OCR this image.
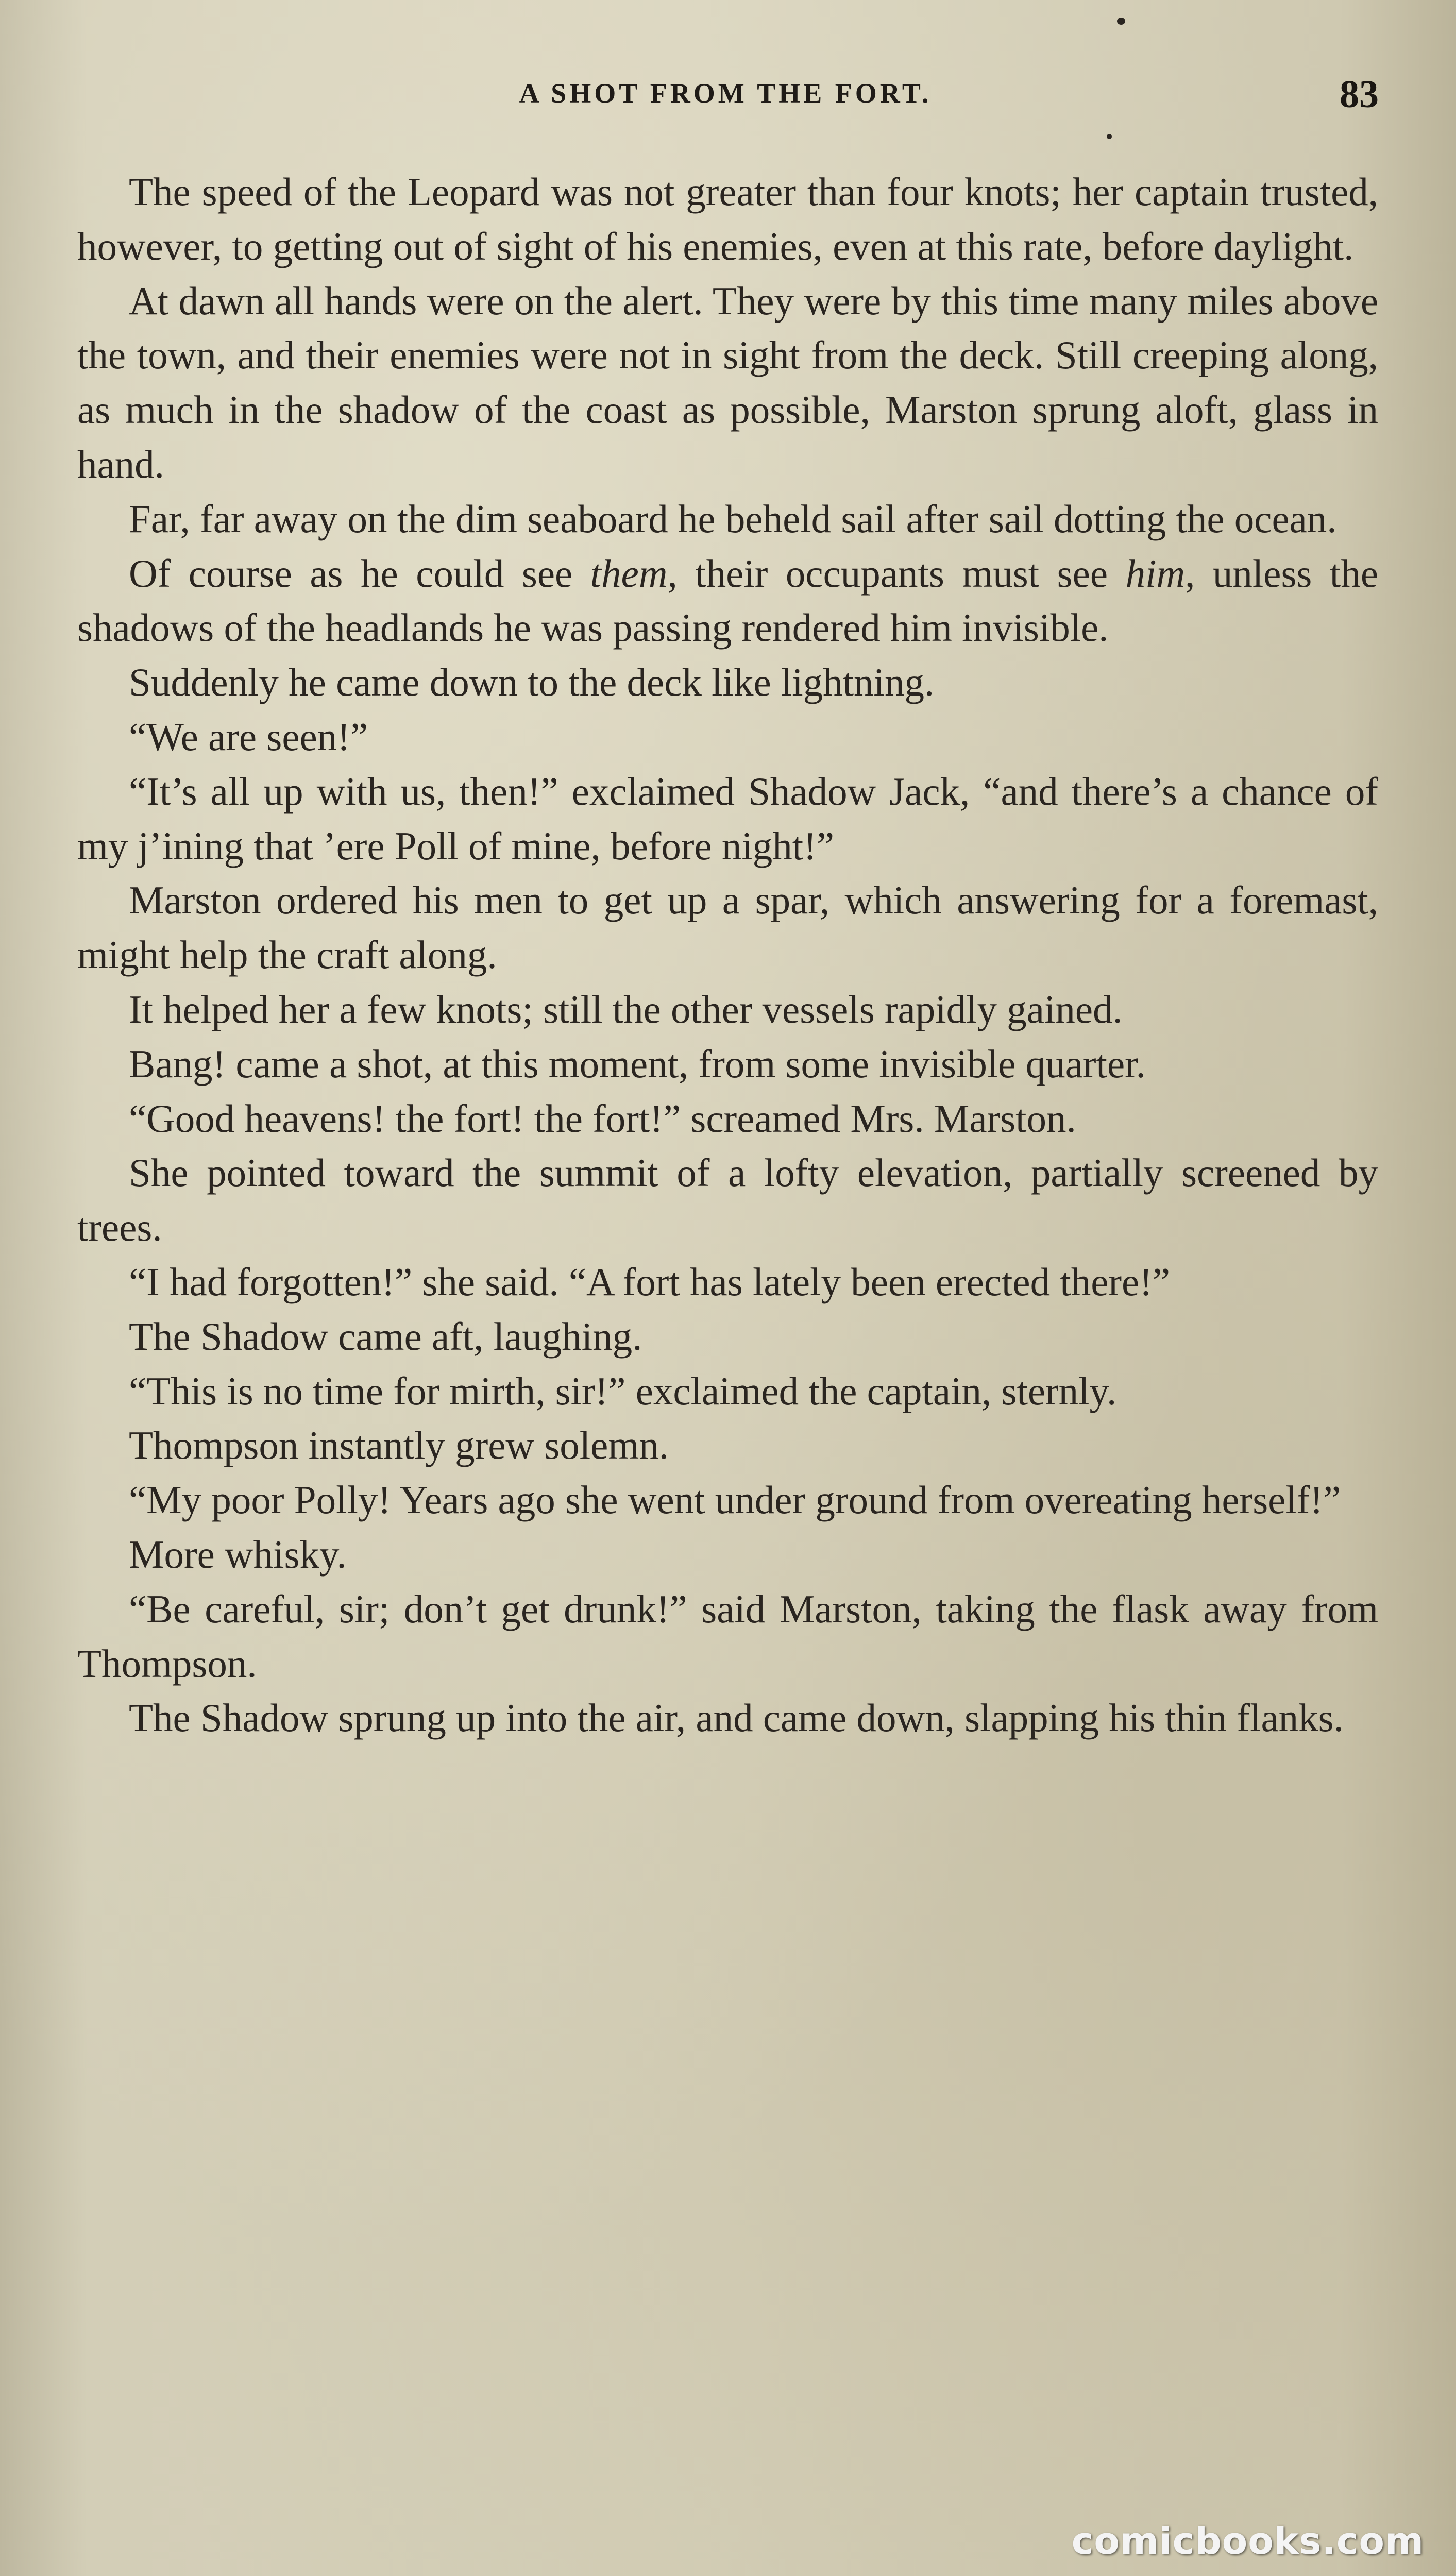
A SHOT FROM THE FORT.	83

The speed of the Leopard was not greater than four knots; her captain trusted, however, to getting out of sight of his enemies, even at this rate, before daylight.

At dawn all hands were on the alert. They were by this time many miles above the town, and their enemies were not in sight from the deck. Still creeping along, as much in the shadow of the coast as possible, Marston sprung aloft, glass in hand.

Far, far away on the dim seaboard he beheld sail after sail dotting the ocean.

Of course as he could see them, their occupants must see him, unless the shadows of the headlands he was passing rendered him invisible.

Suddenly he came down to the deck like lightning.

“We are seen!”

“It’s all up with us, then!” exclaimed Shadow Jack, “and there’s a chance of my j’ining that ’ere Poll of mine, before night!”

Marston ordered his men to get up a spar, which answering for a foremast, might help the craft along.

It helped her a few knots; still the other vessels rapidly gained.

Bang! came a shot, at this moment, from some invisible quarter.

“Good heavens! the fort! the fort!” screamed Mrs. Marston.

She pointed toward the summit of a lofty elevation, partially screened by trees.

“I had forgotten!” she said. “A fort has lately been erected there!”

The Shadow came aft, laughing.

“This is no time for mirth, sir!” exclaimed the captain, sternly.

Thompson instantly grew solemn.

“My poor Polly! Years ago she went under ground from overeating herself!”

More whisky.

“Be careful, sir; don’t get drunk!” said Marston, taking the flask away from Thompson.

The Shadow sprung up into the air, and came down, slapping his thin flanks.

comicbooks.com
